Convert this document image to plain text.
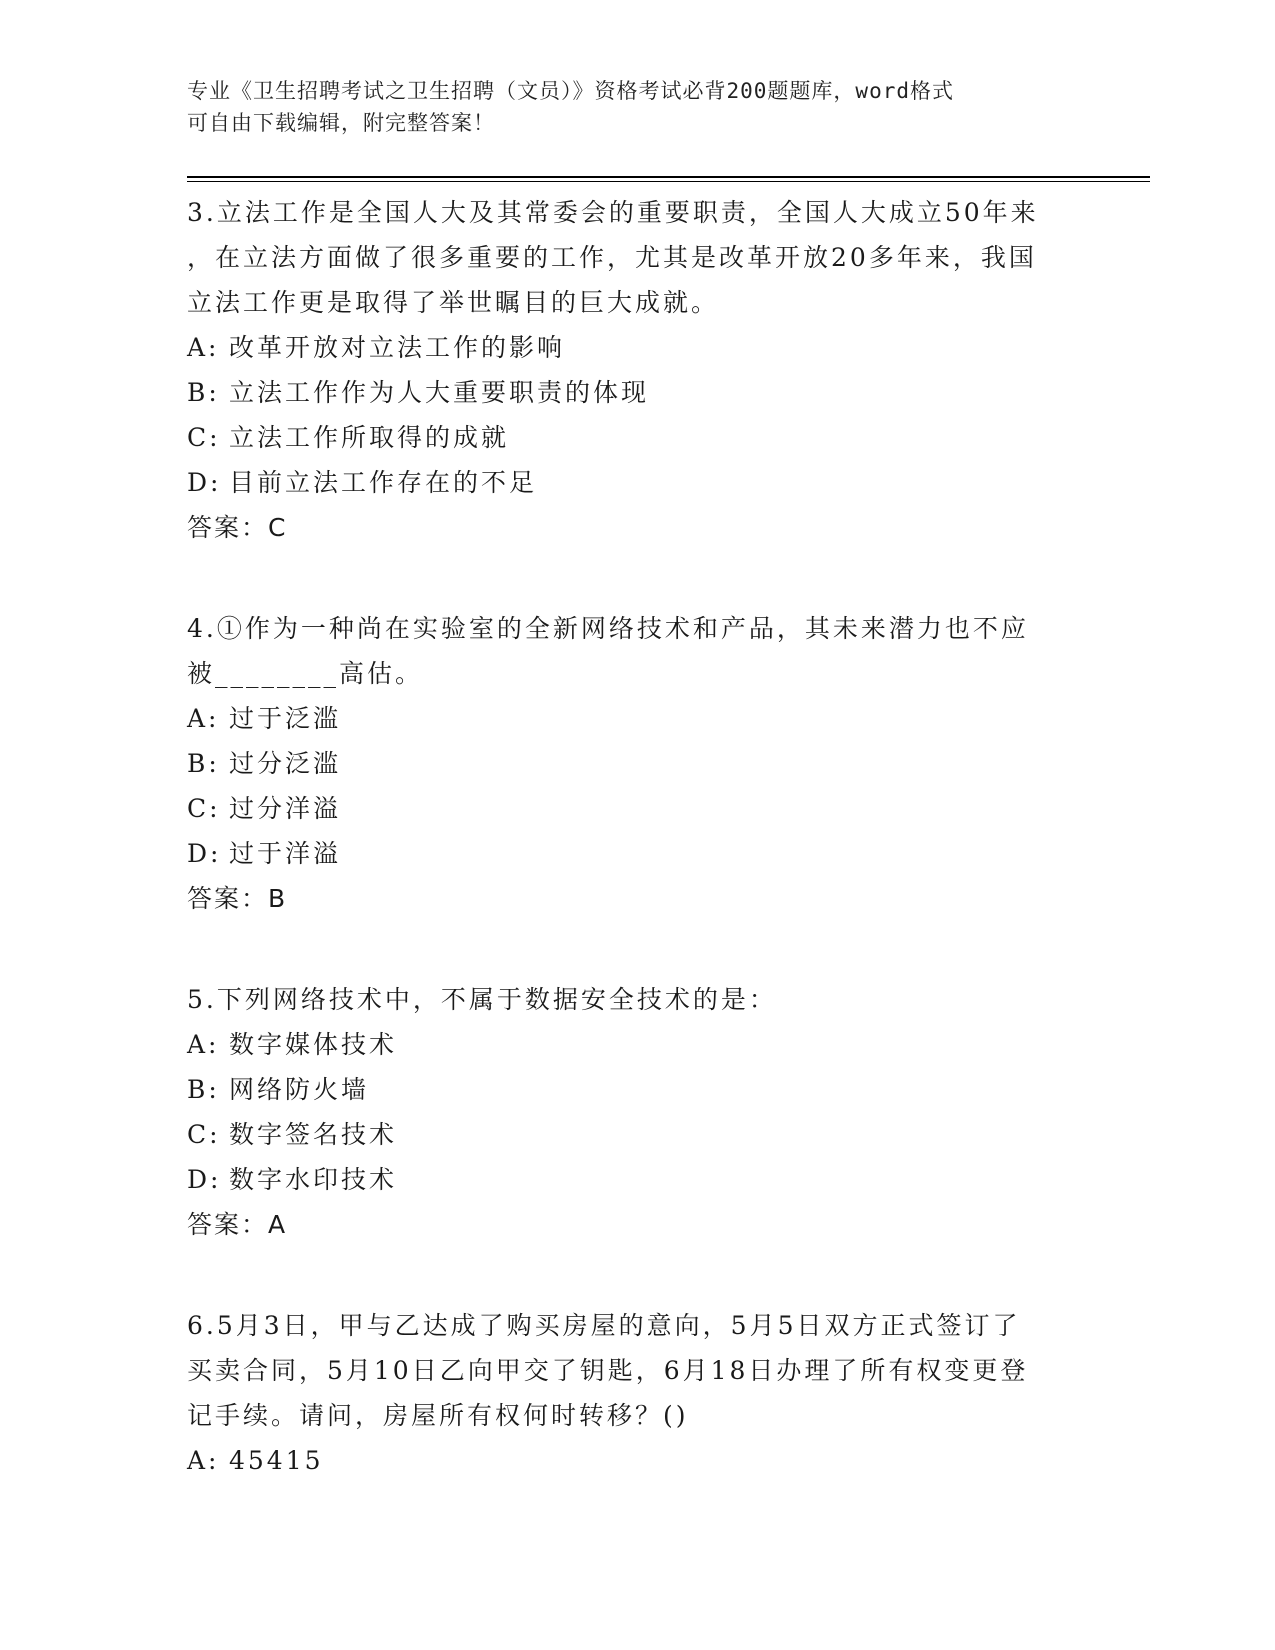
专业《卫生招聘考试之卫生招聘（文员）》资格考试必背200题题库，word格式
可自由下载编辑，附完整答案！
3.立法工作是全国人大及其常委会的重要职责，全国人大成立50年来
，在立法方面做了很多重要的工作，尤其是改革开放20多年来，我国
立法工作更是取得了举世瞩目的巨大成就。
A: 改革开放对立法工作的影响
B: 立法工作作为人大重要职责的体现
C: 立法工作所取得的成就
D: 目前立法工作存在的不足
答案：C
4.①作为一种尚在实验室的全新网络技术和产品，其未来潜力也不应
被________高估。
A: 过于泛滥
B: 过分泛滥
C: 过分洋溢
D: 过于洋溢
答案：B
5.下列网络技术中，不属于数据安全技术的是：
A: 数字媒体技术
B: 网络防火墙
C: 数字签名技术
D: 数字水印技术
答案：A
6.5月3日，甲与乙达成了购买房屋的意向，5月5日双方正式签订了
买卖合同，5月10日乙向甲交了钥匙，6月18日办理了所有权变更登
记手续。请问，房屋所有权何时转移？()
A: 45415
